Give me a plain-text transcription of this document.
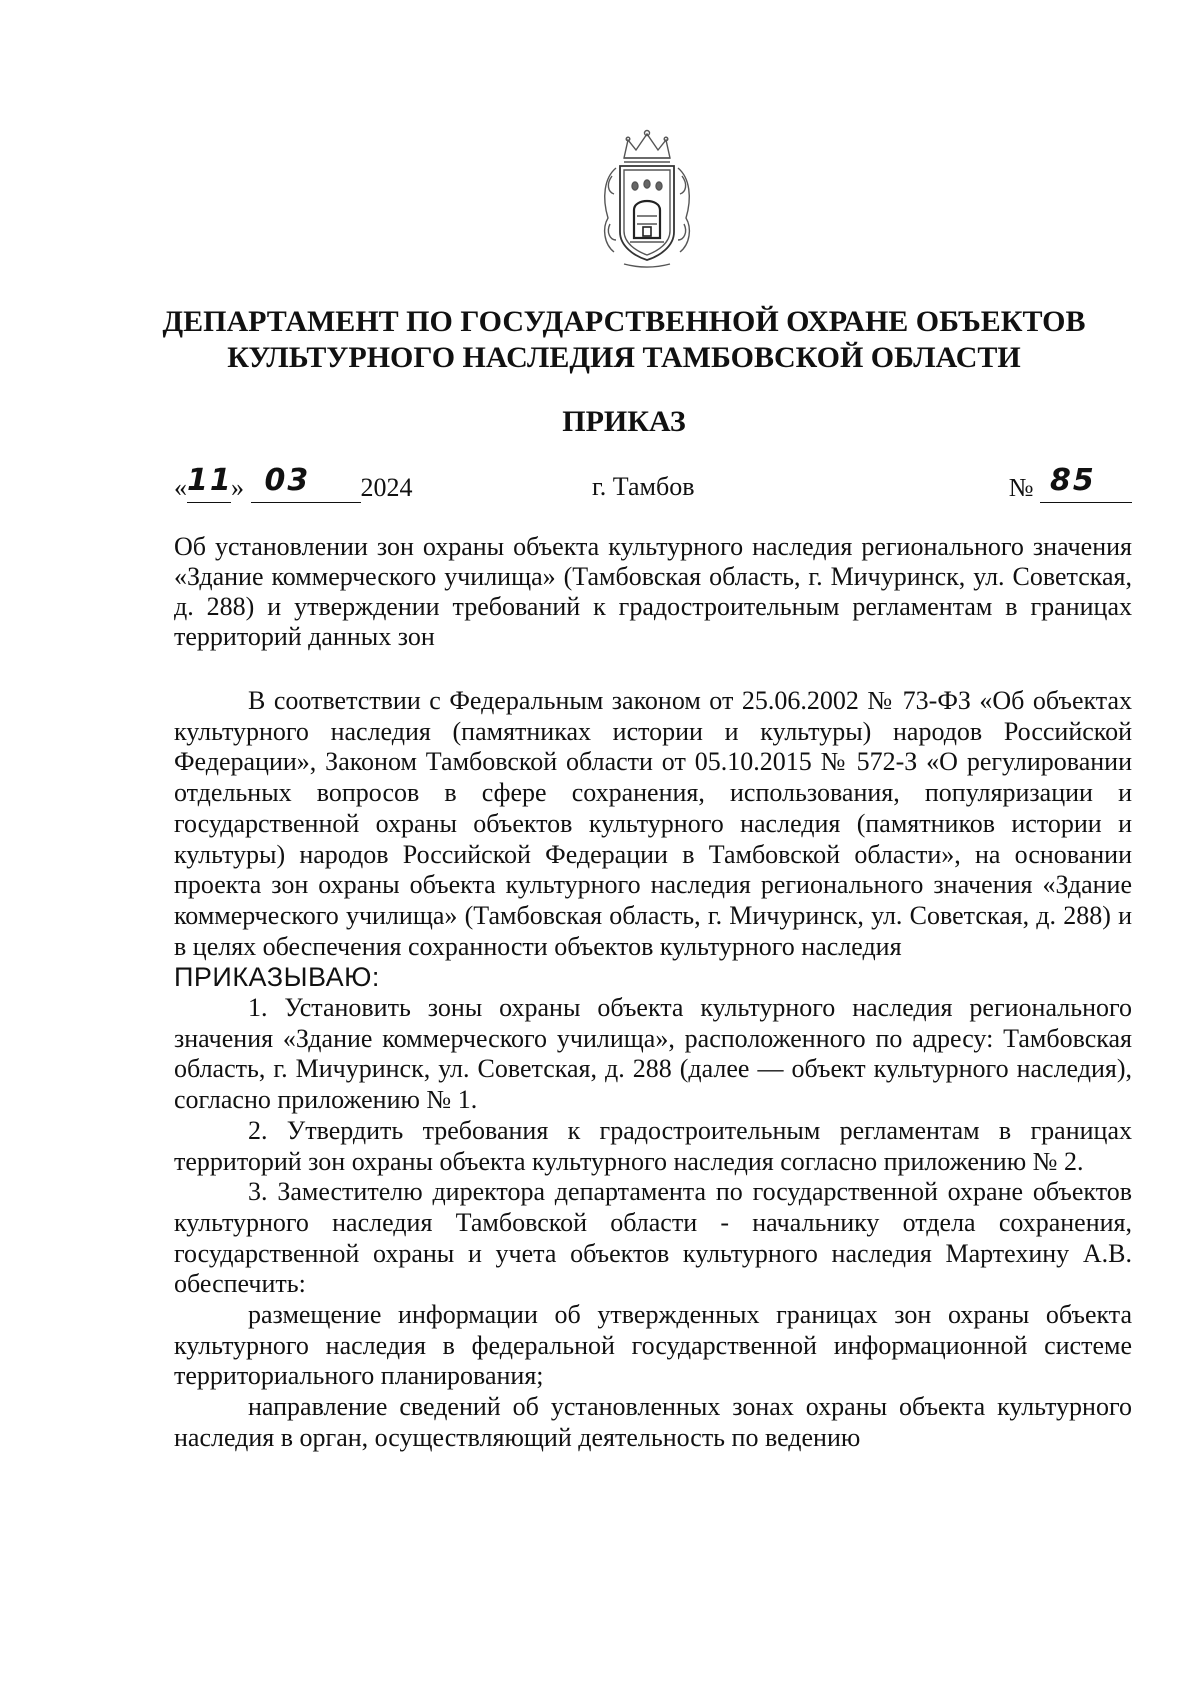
ДЕПАРТАМЕНТ ПО ГОСУДАРСТВЕННОЙ ОХРАНЕ ОБЪЕКТОВ
КУЛЬТУРНОГО НАСЛЕДИЯ ТАМБОВСКОЙ ОБЛАСТИ
ПРИКАЗ
« 11
» 03	2024	г. Тамбов	№ 85
Об установлении зон охраны объекта культурного наследия регионального значения «Здание коммерческого училища» (Тамбовская область, г. Мичуринск, ул. Советская, д. 288) и утверждении требований к градостроительным регламентам в границах территорий данных зон

В соответствии с Федеральным законом от 25.06.2002 № 73-ФЗ «Об объектах культурного наследия (памятниках истории и культуры) народов Российской Федерации», Законом Тамбовской области от 05.10.2015 № 572-З «О регулировании отдельных вопросов в сфере сохранения, использования, популяризации и государственной охраны объектов культурного наследия (памятников истории и культуры) народов Российской Федерации в Тамбовской области», на основании проекта зон охраны объекта культурного наследия регионального значения «Здание коммерческого училища» (Тамбовская область, г. Мичуринск, ул. Советская, д. 288) и в целях обеспечения сохранности объектов культурного наследия

ПРИКАЗЫВАЮ:

1. Установить зоны охраны объекта культурного наследия регионального значения «Здание коммерческого училища», расположенного по адресу: Тамбовская область, г. Мичуринск, ул. Советская, д. 288 (далее — объект культурного наследия), согласно приложению № 1.

2. Утвердить требования к градостроительным регламентам в границах территорий зон охраны объекта культурного наследия согласно приложению № 2.

3. Заместителю директора департамента по государственной охране объектов культурного наследия Тамбовской области - начальнику отдела сохранения, государственной охраны и учета объектов культурного наследия Мартехину А.В. обеспечить:

размещение информации об утвержденных границах зон охраны объекта культурного наследия в федеральной государственной информационной системе территориального планирования;

направление сведений об установленных зонах охраны объекта культурного наследия в орган, осуществляющий деятельность по ведению
